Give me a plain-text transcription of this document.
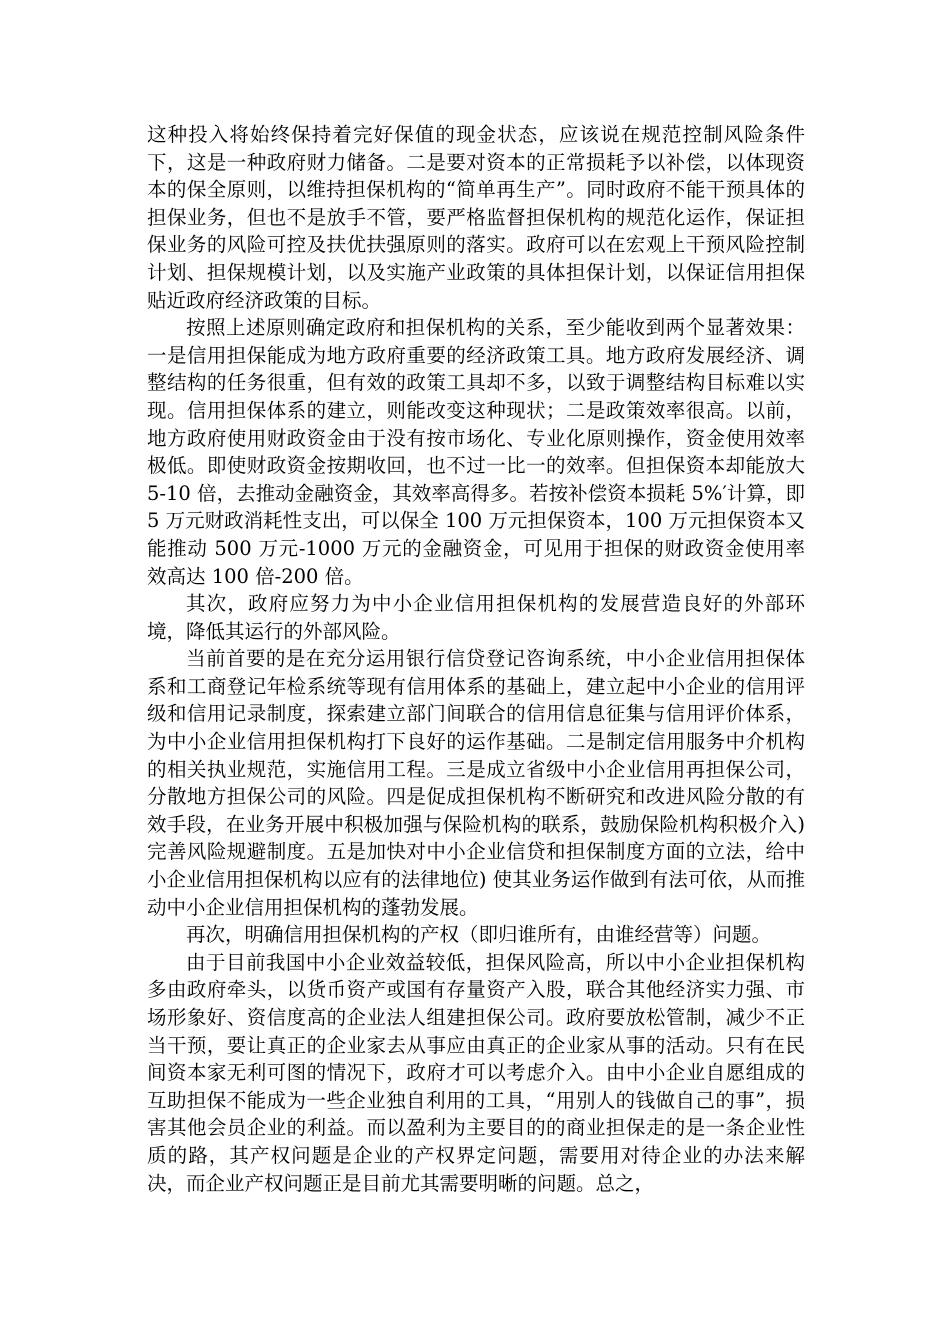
这种投入将始终保持着完好保值的现金状态，应该说在规范控制风险条件下，这是一种政府财力储备。二是要对资本的正常损耗予以补偿，以体现资本的保全原则，以维持担保机构的“简单再生产”。同时政府不能干预具体的担保业务，但也不是放手不管，要严格监督担保机构的规范化运作，保证担保业务的风险可控及扶优扶强原则的落实。政府可以在宏观上干预风险控制计划、担保规模计划，以及实施产业政策的具体担保计划，以保证信用担保贴近政府经济政策的目标。

按照上述原则确定政府和担保机构的关系，至少能收到两个显著效果：一是信用担保能成为地方政府重要的经济政策工具。地方政府发展经济、调整结构的任务很重，但有效的政策工具却不多，以致于调整结构目标难以实现。信用担保体系的建立，则能改变这种现状；二是政策效率很高。以前，地方政府使用财政资金由于没有按市场化、专业化原则操作，资金使用效率极低。即使财政资金按期收回，也不过一比一的效率。但担保资本却能放大 5-10 倍，去推动金融资金，其效率高得多。若按补偿资本损耗 5%′计算，即 5 万元财政消耗性支出，可以保全 100 万元担保资本，100 万元担保资本又能推动 500 万元-1000 万元的金融资金，可见用于担保的财政资金使用率效高达 100 倍-200 倍。

其次，政府应努力为中小企业信用担保机构的发展营造良好的外部环境，降低其运行的外部风险。

当前首要的是在充分运用银行信贷登记咨询系统，中小企业信用担保体系和工商登记年检系统等现有信用体系的基础上，建立起中小企业的信用评级和信用记录制度，探索建立部门间联合的信用信息征集与信用评价体系，为中小企业信用担保机构打下良好的运作基础。二是制定信用服务中介机构的相关执业规范，实施信用工程。三是成立省级中小企业信用再担保公司，分散地方担保公司的风险。四是促成担保机构不断研究和改进风险分散的有效手段，在业务开展中积极加强与保险机构的联系，鼓励保险机构积极介入) 完善风险规避制度。五是加快对中小企业信贷和担保制度方面的立法，给中小企业信用担保机构以应有的法律地位) 使其业务运作做到有法可依，从而推动中小企业信用担保机构的蓬勃发展。

再次，明确信用担保机构的产权（即归谁所有，由谁经营等）问题。

由于目前我国中小企业效益较低，担保风险高，所以中小企业担保机构多由政府牵头，以货币资产或国有存量资产入股，联合其他经济实力强、市场形象好、资信度高的企业法人组建担保公司。政府要放松管制，减少不正当干预，要让真正的企业家去从事应由真正的企业家从事的活动。只有在民间资本家无利可图的情况下，政府才可以考虑介入。由中小企业自愿组成的互助担保不能成为一些企业独自利用的工具，“用别人的钱做自己的事”，损害其他会员企业的利益。而以盈利为主要目的的商业担保走的是一条企业性质的路，其产权问题是企业的产权界定问题，需要用对待企业的办法来解决，而企业产权问题正是目前尤其需要明晰的问题。总之，
